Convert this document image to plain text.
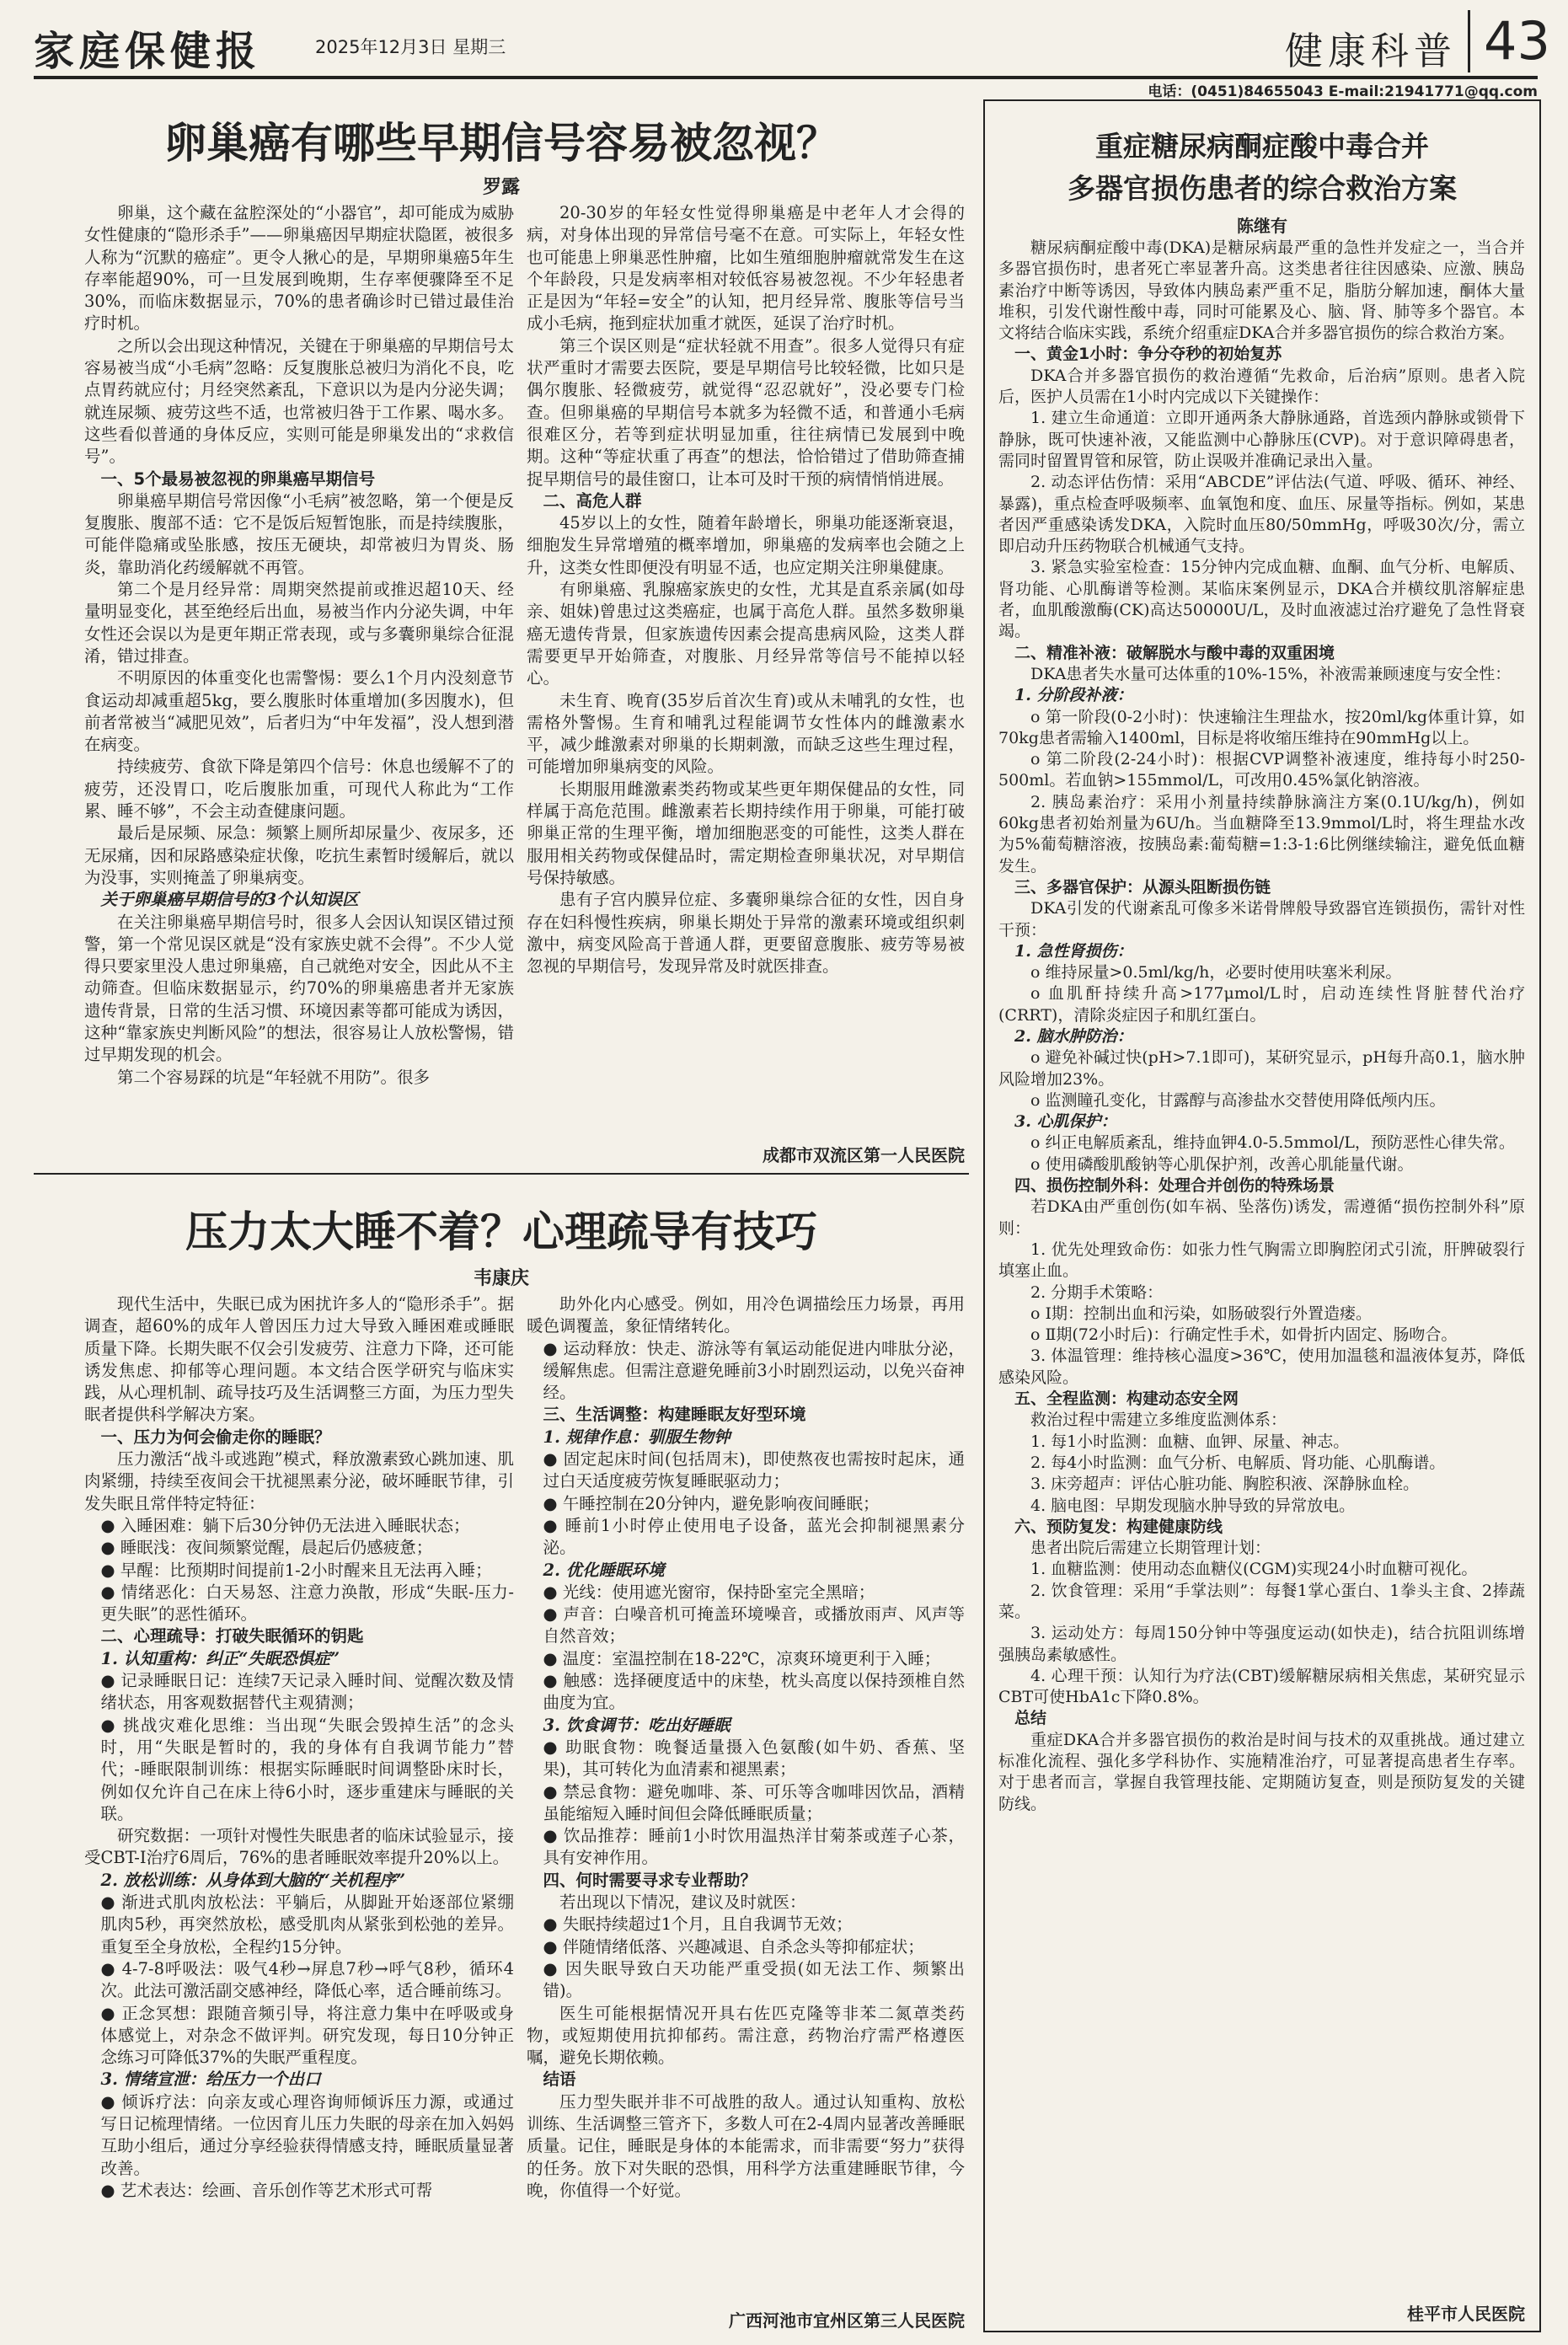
家庭保健报	2025年12月3日 星期三	健康科普 43
电话：(0451)84655043 E-mail:21941771@qq.com
卵巢癌有哪些早期信号容易被忽视？
罗露

卵巢，这个藏在盆腔深处的“小器官”，却可能成为威胁女性健康的“隐形杀手”——卵巢癌因早期症状隐匿，被很多人称为“沉默的癌症”。更令人揪心的是，早期卵巢癌5年生存率能超90%，可一旦发展到晚期，生存率便骤降至不足30%，而临床数据显示，70%的患者确诊时已错过最佳治疗时机。

之所以会出现这种情况，关键在于卵巢癌的早期信号太容易被当成“小毛病”忽略：反复腹胀总被归为消化不良，吃点胃药就应付；月经突然紊乱，下意识以为是内分泌失调；就连尿频、疲劳这些不适，也常被归咎于工作累、喝水多。这些看似普通的身体反应，实则可能是卵巢发出的“求救信号”。

一、5个最易被忽视的卵巢癌早期信号

卵巢癌早期信号常因像“小毛病”被忽略，第一个便是反复腹胀、腹部不适：它不是饭后短暂饱胀，而是持续腹胀，可能伴隐痛或坠胀感，按压无硬块，却常被归为胃炎、肠炎，靠助消化药缓解就不再管。

第二个是月经异常：周期突然提前或推迟超10天、经量明显变化，甚至绝经后出血，易被当作内分泌失调，中年女性还会误以为是更年期正常表现，或与多囊卵巢综合征混淆，错过排查。

不明原因的体重变化也需警惕：要么1个月内没刻意节食运动却减重超5kg，要么腹胀时体重增加(多因腹水)，但前者常被当“减肥见效”，后者归为“中年发福”，没人想到潜在病变。

持续疲劳、食欲下降是第四个信号：休息也缓解不了的疲劳，还没胃口，吃后腹胀加重，可现代人称此为“工作累、睡不够”，不会主动查健康问题。

最后是尿频、尿急：频繁上厕所却尿量少、夜尿多，还无尿痛，因和尿路感染症状像，吃抗生素暂时缓解后，就以为没事，实则掩盖了卵巢病变。

关于卵巢癌早期信号的3个认知误区

在关注卵巢癌早期信号时，很多人会因认知误区错过预警，第一个常见误区就是“没有家族史就不会得”。不少人觉得只要家里没人患过卵巢癌，自己就绝对安全，因此从不主动筛查。但临床数据显示，约70%的卵巢癌患者并无家族遗传背景，日常的生活习惯、环境因素等都可能成为诱因，这种“靠家族史判断风险”的想法，很容易让人放松警惕，错过早期发现的机会。

第二个容易踩的坑是“年轻就不用防”。很多

20-30岁的年轻女性觉得卵巢癌是中老年人才会得的病，对身体出现的异常信号毫不在意。可实际上，年轻女性也可能患上卵巢恶性肿瘤，比如生殖细胞肿瘤就常发生在这个年龄段，只是发病率相对较低容易被忽视。不少年轻患者正是因为“年轻=安全”的认知，把月经异常、腹胀等信号当成小毛病，拖到症状加重才就医，延误了治疗时机。

第三个误区则是“症状轻就不用查”。很多人觉得只有症状严重时才需要去医院，要是早期信号比较轻微，比如只是偶尔腹胀、轻微疲劳，就觉得“忍忍就好”，没必要专门检查。但卵巢癌的早期信号本就多为轻微不适，和普通小毛病很难区分，若等到症状明显加重，往往病情已发展到中晚期。这种“等症状重了再查”的想法，恰恰错过了借助筛查捕捉早期信号的最佳窗口，让本可及时干预的病情悄悄进展。

二、高危人群

45岁以上的女性，随着年龄增长，卵巢功能逐渐衰退，细胞发生异常增殖的概率增加，卵巢癌的发病率也会随之上升，这类女性即便没有明显不适，也应定期关注卵巢健康。

有卵巢癌、乳腺癌家族史的女性，尤其是直系亲属(如母亲、姐妹)曾患过这类癌症，也属于高危人群。虽然多数卵巢癌无遗传背景，但家族遗传因素会提高患病风险，这类人群需要更早开始筛查，对腹胀、月经异常等信号不能掉以轻心。

未生育、晚育(35岁后首次生育)或从未哺乳的女性，也需格外警惕。生育和哺乳过程能调节女性体内的雌激素水平，减少雌激素对卵巢的长期刺激，而缺乏这些生理过程，可能增加卵巢病变的风险。

长期服用雌激素类药物或某些更年期保健品的女性，同样属于高危范围。雌激素若长期持续作用于卵巢，可能打破卵巢正常的生理平衡，增加细胞恶变的可能性，这类人群在服用相关药物或保健品时，需定期检查卵巢状况，对早期信号保持敏感。

患有子宫内膜异位症、多囊卵巢综合征的女性，因自身存在妇科慢性疾病，卵巢长期处于异常的激素环境或组织刺激中，病变风险高于普通人群，更要留意腹胀、疲劳等易被忽视的早期信号，发现异常及时就医排查。

成都市双流区第一人民医院
压力太大睡不着？心理疏导有技巧
韦康庆

现代生活中，失眠已成为困扰许多人的“隐形杀手”。据调查，超60%的成年人曾因压力过大导致入睡困难或睡眠质量下降。长期失眠不仅会引发疲劳、注意力下降，还可能诱发焦虑、抑郁等心理问题。本文结合医学研究与临床实践，从心理机制、疏导技巧及生活调整三方面，为压力型失眠者提供科学解决方案。

一、压力为何会偷走你的睡眠？

压力激活“战斗或逃跑”模式，释放激素致心跳加速、肌肉紧绷，持续至夜间会干扰褪黑素分泌，破坏睡眠节律，引发失眠且常伴特定特征：

● 入睡困难：躺下后30分钟仍无法进入睡眠状态；

● 睡眠浅：夜间频繁觉醒，晨起后仍感疲惫；

● 早醒：比预期时间提前1-2小时醒来且无法再入睡；

● 情绪恶化：白天易怒、注意力涣散，形成“失眠-压力-更失眠”的恶性循环。

二、心理疏导：打破失眠循环的钥匙

1. 认知重构：纠正“失眠恐惧症”

● 记录睡眠日记：连续7天记录入睡时间、觉醒次数及情绪状态，用客观数据替代主观猜测；

● 挑战灾难化思维：当出现“失眠会毁掉生活”的念头时，用“失眠是暂时的，我的身体有自我调节能力”替代；-睡眠限制训练：根据实际睡眠时间调整卧床时长，例如仅允许自己在床上待6小时，逐步重建床与睡眠的关联。

研究数据：一项针对慢性失眠患者的临床试验显示，接受CBT-I治疗6周后，76%的患者睡眠效率提升20%以上。

2. 放松训练：从身体到大脑的“关机程序”

● 渐进式肌肉放松法：平躺后，从脚趾开始逐部位紧绷肌肉5秒，再突然放松，感受肌肉从紧张到松弛的差异。重复至全身放松，全程约15分钟。

● 4-7-8呼吸法：吸气4秒→屏息7秒→呼气8秒，循环4次。此法可激活副交感神经，降低心率，适合睡前练习。

● 正念冥想：跟随音频引导，将注意力集中在呼吸或身体感觉上，对杂念不做评判。研究发现，每日10分钟正念练习可降低37%的失眠严重程度。

3. 情绪宣泄：给压力一个出口

● 倾诉疗法：向亲友或心理咨询师倾诉压力源，或通过写日记梳理情绪。一位因育儿压力失眠的母亲在加入妈妈互助小组后，通过分享经验获得情感支持，睡眠质量显著改善。

● 艺术表达：绘画、音乐创作等艺术形式可帮

助外化内心感受。例如，用冷色调描绘压力场景，再用暖色调覆盖，象征情绪转化。

● 运动释放：快走、游泳等有氧运动能促进内啡肽分泌，缓解焦虑。但需注意避免睡前3小时剧烈运动，以免兴奋神经。

三、生活调整：构建睡眠友好型环境

1. 规律作息：驯服生物钟

● 固定起床时间(包括周末)，即使熬夜也需按时起床，通过白天适度疲劳恢复睡眠驱动力；

● 午睡控制在20分钟内，避免影响夜间睡眠；

● 睡前1小时停止使用电子设备，蓝光会抑制褪黑素分泌。

2. 优化睡眠环境

● 光线：使用遮光窗帘，保持卧室完全黑暗；

● 声音：白噪音机可掩盖环境噪音，或播放雨声、风声等自然音效；

● 温度：室温控制在18-22℃，凉爽环境更利于入睡；

● 触感：选择硬度适中的床垫，枕头高度以保持颈椎自然曲度为宜。

3. 饮食调节：吃出好睡眠

● 助眠食物：晚餐适量摄入色氨酸(如牛奶、香蕉、坚果)，其可转化为血清素和褪黑素；

● 禁忌食物：避免咖啡、茶、可乐等含咖啡因饮品，酒精虽能缩短入睡时间但会降低睡眠质量；

● 饮品推荐：睡前1小时饮用温热洋甘菊茶或莲子心茶，具有安神作用。

四、何时需要寻求专业帮助？

若出现以下情况，建议及时就医：

● 失眠持续超过1个月，且自我调节无效；

● 伴随情绪低落、兴趣减退、自杀念头等抑郁症状；

● 因失眠导致白天功能严重受损(如无法工作、频繁出错)。

医生可能根据情况开具右佐匹克隆等非苯二氮䓬类药物，或短期使用抗抑郁药。需注意，药物治疗需严格遵医嘱，避免长期依赖。

结语

压力型失眠并非不可战胜的敌人。通过认知重构、放松训练、生活调整三管齐下，多数人可在2-4周内显著改善睡眠质量。记住，睡眠是身体的本能需求，而非需要“努力”获得的任务。放下对失眠的恐惧，用科学方法重建睡眠节律，今晚，你值得一个好觉。

广西河池市宜州区第三人民医院
重症糖尿病酮症酸中毒合并
多器官损伤患者的综合救治方案
陈继有

糖尿病酮症酸中毒(DKA)是糖尿病最严重的急性并发症之一，当合并多器官损伤时，患者死亡率显著升高。这类患者往往因感染、应激、胰岛素治疗中断等诱因，导致体内胰岛素严重不足，脂肪分解加速，酮体大量堆积，引发代谢性酸中毒，同时可能累及心、脑、肾、肺等多个器官。本文将结合临床实践，系统介绍重症DKA合并多器官损伤的综合救治方案。

一、黄金1小时：争分夺秒的初始复苏

DKA合并多器官损伤的救治遵循“先救命，后治病”原则。患者入院后，医护人员需在1小时内完成以下关键操作：

1. 建立生命通道：立即开通两条大静脉通路，首选颈内静脉或锁骨下静脉，既可快速补液，又能监测中心静脉压(CVP)。对于意识障碍患者，需同时留置胃管和尿管，防止误吸并准确记录出入量。

2. 动态评估伤情：采用“ABCDE”评估法(气道、呼吸、循环、神经、暴露)，重点检查呼吸频率、血氧饱和度、血压、尿量等指标。例如，某患者因严重感染诱发DKA，入院时血压80/50mmHg，呼吸30次/分，需立即启动升压药物联合机械通气支持。

3. 紧急实验室检查：15分钟内完成血糖、血酮、血气分析、电解质、肾功能、心肌酶谱等检测。某临床案例显示，DKA合并横纹肌溶解症患者，血肌酸激酶(CK)高达50000U/L，及时血液滤过治疗避免了急性肾衰竭。

二、精准补液：破解脱水与酸中毒的双重困境

DKA患者失水量可达体重的10%-15%，补液需兼顾速度与安全性：

1. 分阶段补液：

o 第一阶段(0-2小时)：快速输注生理盐水，按20ml/kg体重计算，如70kg患者需输入1400ml，目标是将收缩压维持在90mmHg以上。

o 第二阶段(2-24小时)：根据CVP调整补液速度，维持每小时250-500ml。若血钠>155mmol/L，可改用0.45%氯化钠溶液。

2. 胰岛素治疗：采用小剂量持续静脉滴注方案(0.1U/kg/h)，例如60kg患者初始剂量为6U/h。当血糖降至13.9mmol/L时，将生理盐水改为5%葡萄糖溶液，按胰岛素:葡萄糖=1:3-1:6比例继续输注，避免低血糖发生。

三、多器官保护：从源头阻断损伤链

DKA引发的代谢紊乱可像多米诺骨牌般导致器官连锁损伤，需针对性干预：

1. 急性肾损伤：

o 维持尿量>0.5ml/kg/h，必要时使用呋塞米利尿。

o 血肌酐持续升高>177μmol/L时，启动连续性肾脏替代治疗(CRRT)，清除炎症因子和肌红蛋白。

2. 脑水肿防治：

o 避免补碱过快(pH>7.1即可)，某研究显示，pH每升高0.1，脑水肿风险增加23%。

o 监测瞳孔变化，甘露醇与高渗盐水交替使用降低颅内压。

3. 心肌保护：

o 纠正电解质紊乱，维持血钾4.0-5.5mmol/L，预防恶性心律失常。

o 使用磷酸肌酸钠等心肌保护剂，改善心肌能量代谢。

四、损伤控制外科：处理合并创伤的特殊场景

若DKA由严重创伤(如车祸、坠落伤)诱发，需遵循“损伤控制外科”原则：

1. 优先处理致命伤：如张力性气胸需立即胸腔闭式引流，肝脾破裂行填塞止血。

2. 分期手术策略：

o Ⅰ期：控制出血和污染，如肠破裂行外置造瘘。

o Ⅱ期(72小时后)：行确定性手术，如骨折内固定、肠吻合。

3. 体温管理：维持核心温度>36℃，使用加温毯和温液体复苏，降低感染风险。

五、全程监测：构建动态安全网

救治过程中需建立多维度监测体系：

1. 每1小时监测：血糖、血钾、尿量、神志。

2. 每4小时监测：血气分析、电解质、肾功能、心肌酶谱。

3. 床旁超声：评估心脏功能、胸腔积液、深静脉血栓。

4. 脑电图：早期发现脑水肿导致的异常放电。

六、预防复发：构建健康防线

患者出院后需建立长期管理计划：

1. 血糖监测：使用动态血糖仪(CGM)实现24小时血糖可视化。

2. 饮食管理：采用“手掌法则”：每餐1掌心蛋白、1拳头主食、2捧蔬菜。

3. 运动处方：每周150分钟中等强度运动(如快走)，结合抗阻训练增强胰岛素敏感性。

4. 心理干预：认知行为疗法(CBT)缓解糖尿病相关焦虑，某研究显示CBT可使HbA1c下降0.8%。

总结

重症DKA合并多器官损伤的救治是时间与技术的双重挑战。通过建立标准化流程、强化多学科协作、实施精准治疗，可显著提高患者生存率。对于患者而言，掌握自我管理技能、定期随访复查，则是预防复发的关键防线。

桂平市人民医院
